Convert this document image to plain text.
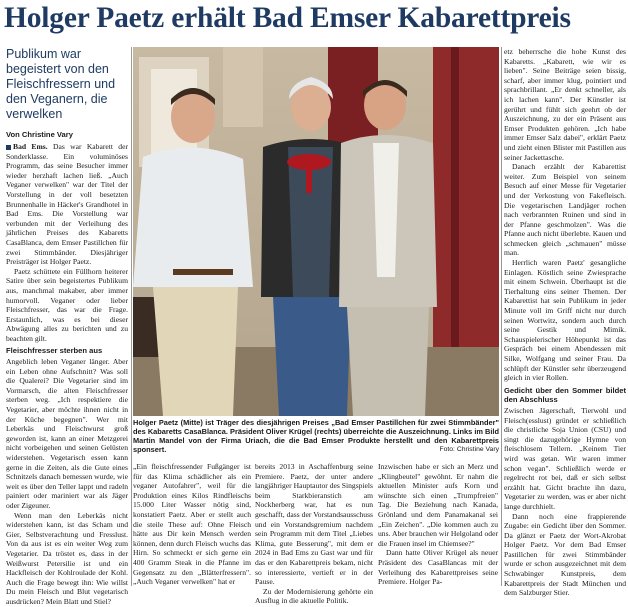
Holger Paetz erhält Bad Emser Kabarettpreis
Publikum war begeistert von den Fleischfressern und den Veganern, die verwelken
Von Christine Vary

Bad Ems. Das war Kabarett der Sonderklasse. Ein voluminöses Programm, das seine Besucher immer wieder herzhaft lachen ließ. „Auch Veganer verwelken" war der Titel der Vorstellung in der voll besetzten Brunnenhalle in Häcker's Grandhotel in Bad Ems. Die Vorstellung war verbunden mit der Verleihung des jährlichen Preises des Kabaretts CasaBlanca, dem Emser Pastillchen für zwei Stimmbänder. Diesjähriger Preisträger ist Holger Paetz.

Paetz schüttete ein Füllhorn heiterer Satire über sein begeistertes Publikum aus, manchmal makaber, aber immer humorvoll. Veganer oder lieber Fleischfresser, das war die Frage. Erstaunlich, was es bei dieser Abwägung alles zu berichten und zu beachten gilt.

Fleischfresser sterben aus

Angeblich leben Veganer länger. Aber ein Leben ohne Aufschnitt? Was soll die Qualerei? Die Vegetarier sind im Vormarsch, die alten Fleischfresser sterben weg. „Ich respektiere die Vegetarier, aber möchte ihnen nicht in der Küche begegnen". Wer mit Leberkäs und Fleischwurst groß geworden ist, kann an einer Metzgerei nicht vorbeigehen und seinen Gelüsten widerstehen. Vegetarisch essen kann gerne in die Zeiten, als die Gute eines Schnitzels danach bemessen wurde, wie weit es über den Teller lappt und radeln painiert oder mariniert war als Jäger oder Zigeuner.

Wenn man den Leberkäs nicht widerstehen kann, ist das Scham und Gier, Selbstverachtung und Fresslust. Von da aus ist es ein weiter Weg zum Vegetarier. Da tröstet es, dass in der Weißwurst Petersilie ist und ein Hackfleisch der Kohlroulade der Kohl. Auch die Frage bewegt ihn: Wie willst Du mein Fleisch und Blut vegetarisch ausdrücken? Mein Blatt und Stiel?

Holger Paetz (Mitte) ist Träger des diesjährigen Preises „Bad Emser Pastillchen für zwei Stimmbänder" des Kabaretts CasaBlanca. Präsident Oliver Krügel (rechts) überreichte die Auszeichnung. Links im Bild Martin Mandel von der Firma Uriach, die die Bad Emser Produkte herstellt und den Kabarettpreis sponsert.	Foto: Christine Vary

„Ein fleischfressender Fußgänger ist für das Klima schädlicher als ein veganer Autofahrer", weil für die Produktion eines Kilos Rindfleischs 15.000 Liter Wasser nötig sind, konstatiert Paetz. Aber er stellt auch die steile These auf: Ohne Fleisch hätte aus Dir kein Mensch werden können, denn durch Fleisch wuchs das Hirn. So schmeckt er sich gerne ein 400 Gramm Steak in die Pfanne im Gegensatz zu den „Blätterfressern". „Auch Veganer verwelken" hat er

bereits 2013 in Aschaffenburg seine Premiere. Paetz, der unter andere langjähriger Hauptautor des Singspiels beim Starkbieranstich am Nockherberg war, hat es nun geschafft, dass der Vorstandsausschuss und ein Vorstandsgremium nachdem sein Programm mit dem Titel „Liebes Klima, gute Besserung", mit dem er 2024 in Bad Ems zu Gast war und für das er den Kabarettpreis bekam, nicht so interessierte, vertieft er in der Pause.

Zu der Modernisierung gehörte ein Ausflug in die aktuelle Politik.

Inzwischen habe er sich an Merz und „Klingbeutel" gewöhnt. Er nahm die aktuellen Minister aufs Korn und wünschte sich einen „Trumpfreien" Tag. Die Beziehung nach Kanada, Grönland und dem Panamakanal sei „Ein Zeichen". „Die kommen auch zu uns. Aber brauchen wir Helgoland oder die Frauen insel im Chiemsee?"

Dann hatte Oliver Krügel als neuer Präsident des CasaBlancas mit der Verleihung des Kabarettpreises seine Premiere. Holger Pa-

etz beherrsche die hohe Kunst des Kabaretts. „Kabarett, wie wir es lieben". Seine Beiträge seien bissig, scharf, aber immer klug, pointiert und sprachbrillant. „Er denkt schneller, als ich lachen kann". Der Künstler ist gerührt und fühlt sich geehrt ob der Auszeichnung, zu der ein Präsent aus Emser Produkten gehören. „Ich habe immer Emser Salz dabei", erklärt Paetz und zieht einen Blister mit Pastillen aus seiner Jackettasche.

Danach erzählt der Kabarettist weiter. Zum Beispiel von seinem Besuch auf einer Messe für Vegetarier und der Verkostung von Fakefleisch. Die vegetarischen Landjäger rochen nach verbrannten Ruinen und sind in der Pfanne geschmolzen". Was die Pfanne auch nicht überlebte. Kauen und schmecken gleich „schmauen" müsse man.

Herrlich waren Paetz' gesangliche Einlagen. Köstlich seine Zwiesprache mit einem Schwein. Überhaupt ist die Tierhaltung eins seiner Themen. Der Kabarettist hat sein Publikum in jeder Minute voll im Griff nicht nur durch seinen Wortwitz, sondern auch durch seine Gestik und Mimik. Schauspielerischer Höhepunkt ist das Gespräch bei einem Abendessen mit Silke, Wolfgang und seiner Frau. Da schlüpft der Künstler sehr überzeugend gleich in vier Rollen.

Gedicht über den Sommer bildet den Abschluss

Zwischen Jägerschaft, Tierwohl und Fleisch(esslust) gründet er schließlich die christliche Soja Union (CSU) und singt die dazugehörige Hymne von fleischlosem Tellern. „Keinem Tier wird was getan. Wir waren immer schon vegan". Schließlich werde er regelrecht rot bei, daß er sich selbst erzählt hat. Gicht brachte ihn dazu, Vegetarier zu werden, was er aber nicht lange durchhielt.

Dann noch eine frappierende Zugabe: ein Gedicht über den Sommer. Da glänzt er Paetz der Wort-Akrobat Holger Paetz. Vor dem Bad Emser Pastillchen für zwei Stimmbänder wurde er schon ausgezeichnet mit dem Schwabinger Kunstpreis, dem Kabarettpreis der Stadt München und dem Salzburger Stier.
